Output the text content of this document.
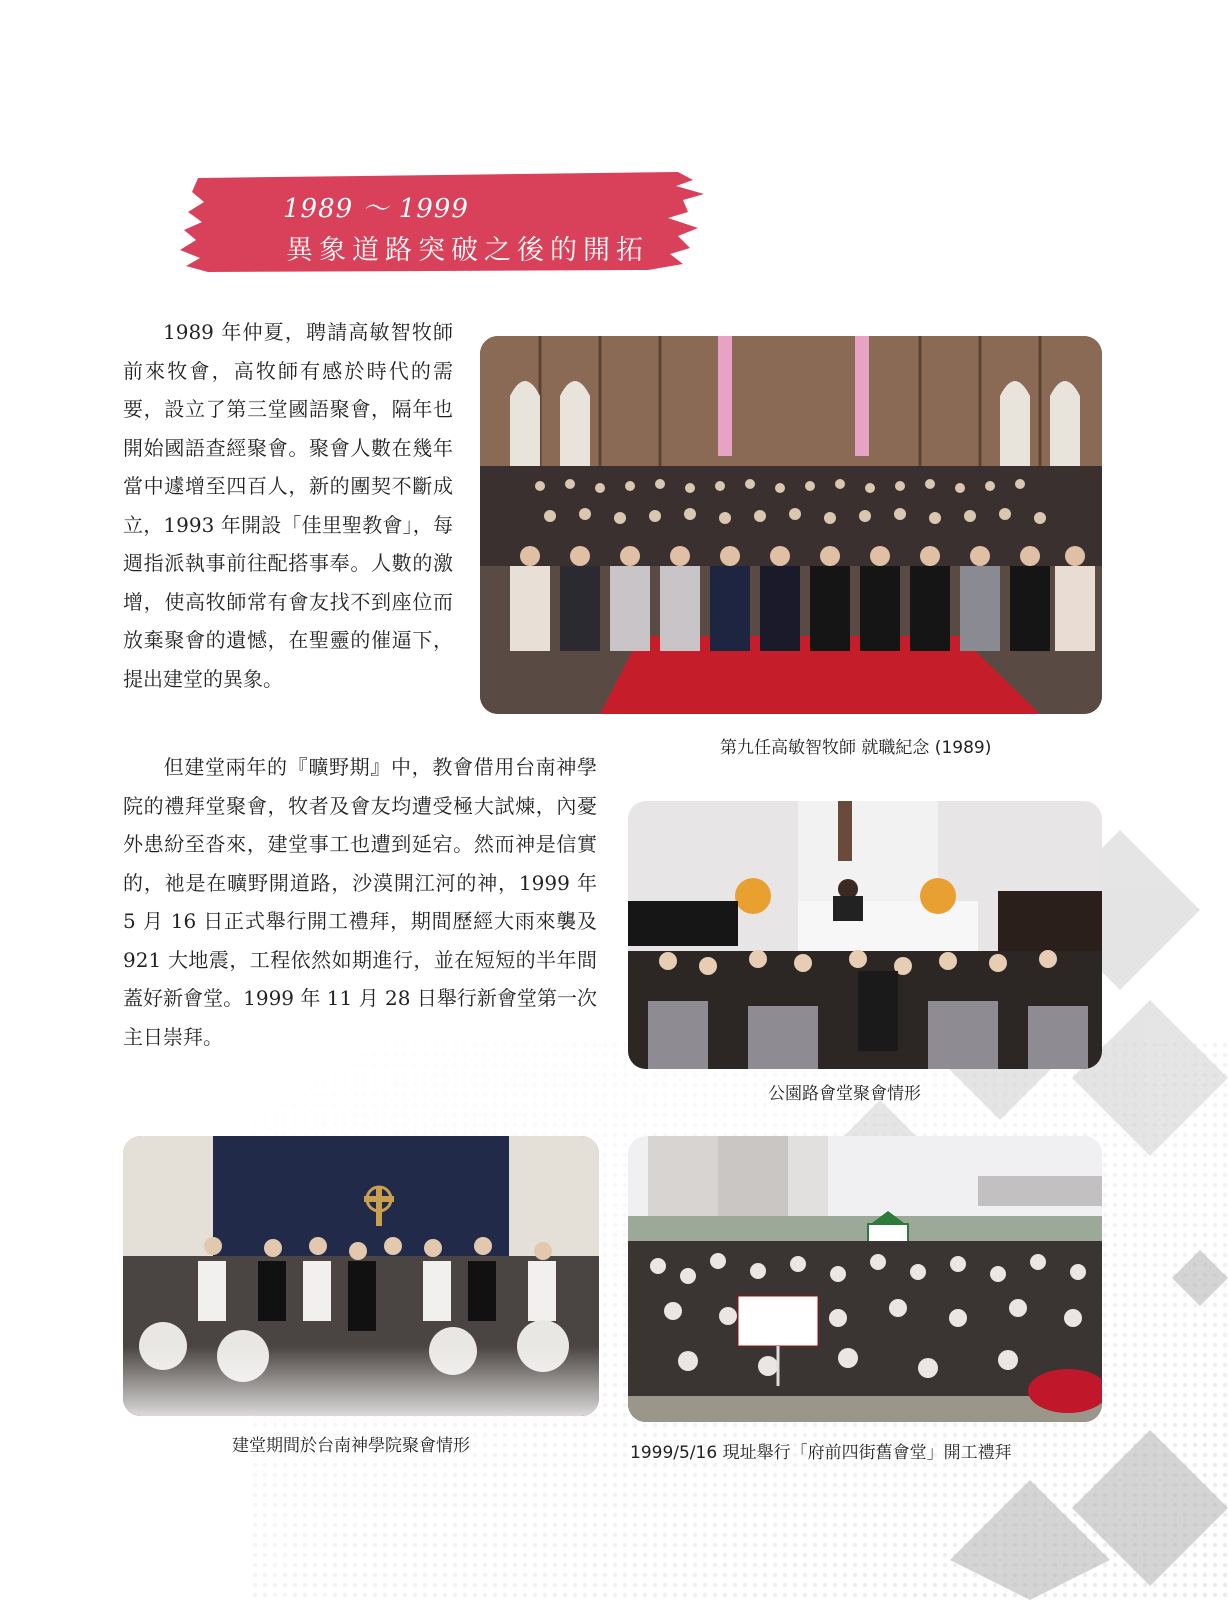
1989 ～ 1999
異象道路突破之後的開拓

1989 年仲夏，聘請高敏智牧師前來牧會，高牧師有感於時代的需要，設立了第三堂國語聚會，隔年也開始國語查經聚會。聚會人數在幾年當中遽增至四百人，新的團契不斷成立，1993 年開設「佳里聖教會」，每週指派執事前往配搭事奉。人數的激增，使高牧師常有會友找不到座位而放棄聚會的遺憾，在聖靈的催逼下，提出建堂的異象。

但建堂兩年的『曠野期』中，教會借用台南神學院的禮拜堂聚會，牧者及會友均遭受極大試煉，內憂外患紛至沓來，建堂事工也遭到延宕。然而神是信實的，祂是在曠野開道路，沙漠開江河的神，1999 年 5 月 16 日正式舉行開工禮拜，期間歷經大雨來襲及 921 大地震，工程依然如期進行，並在短短的半年間蓋好新會堂。1999 年 11 月 28 日舉行新會堂第一次主日崇拜。

第九任高敏智牧師 就職紀念 (1989)
公園路會堂聚會情形
建堂期間於台南神學院聚會情形	1999/5/16 現址舉行「府前四街舊會堂」開工禮拜
